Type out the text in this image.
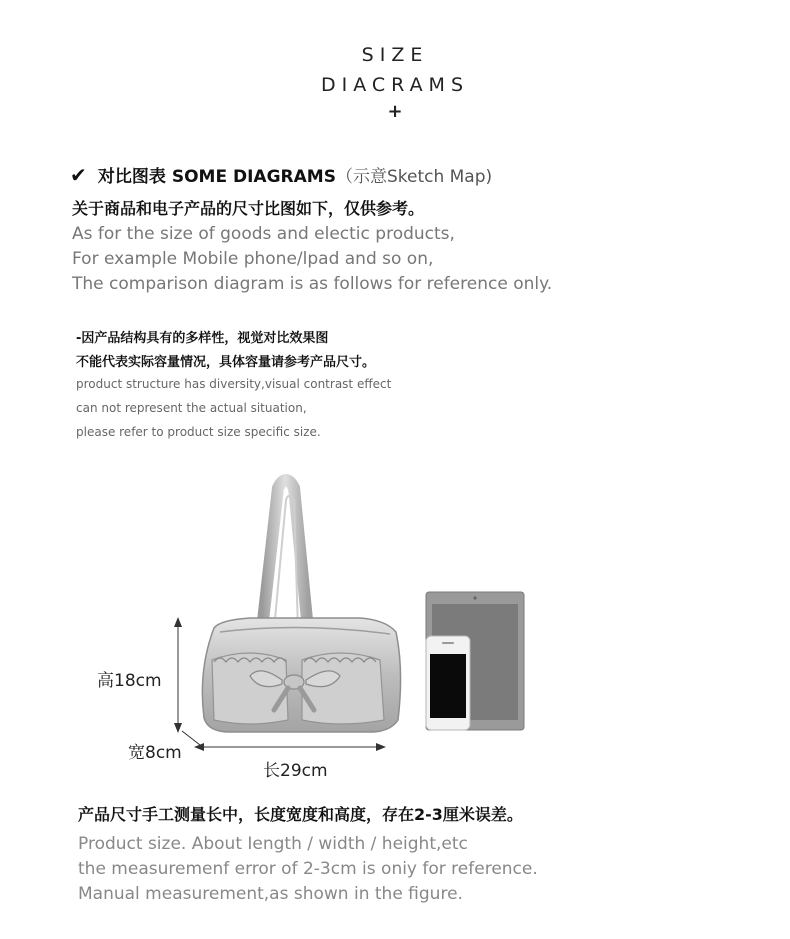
SIZE
DIACRAMS
+
✔ 对比图表 SOME DIAGRAMS（示意Sketch Map)
关于商品和电子产品的尺寸比图如下，仅供参考。
As for the size of goods and electic products,
For example Mobile phone/lpad and so on,
The comparison diagram is as follows for reference only.
-因产品结构具有的多样性，视觉对比效果图
不能代表实际容量情况，具体容量请参考产品尺寸。
product structure has diversity,visual contrast effect
can not represent the actual situation,
please refer to product size specific size.
高18cm
宽8cm
长29cm
产品尺寸手工测量长中，长度宽度和高度，存在2-3厘米误差。
Product size. About Iength / width / height,etc
the measuremenf error of 2-3cm is oniy for reference.
Manual measurement,as shown in the figure.
